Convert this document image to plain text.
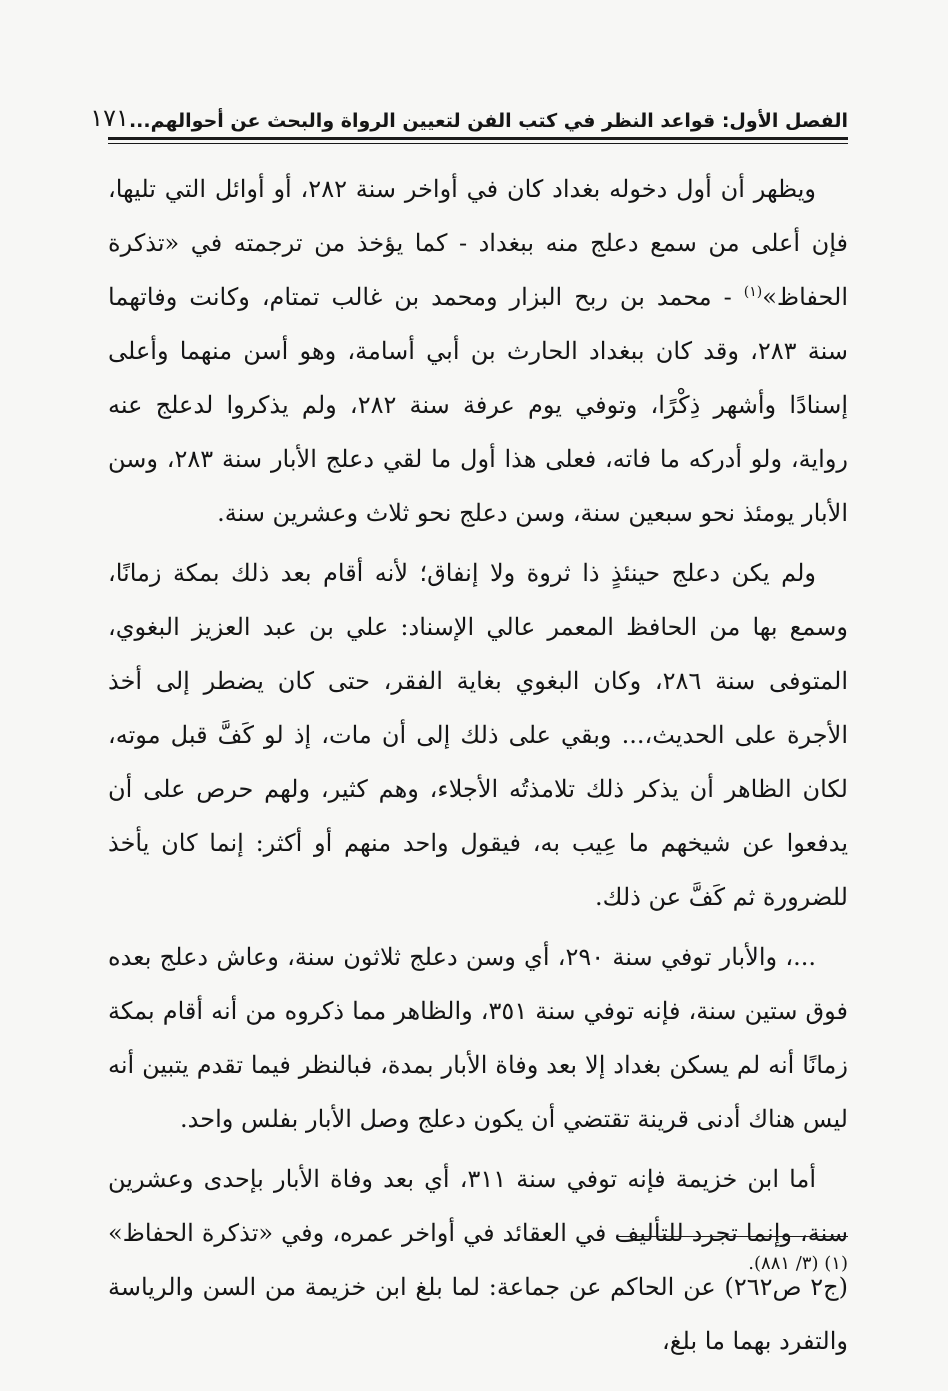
الفصل الأول: قواعد النظر في كتب الفن لتعيين الرواة والبحث عن أحوالهم...
١٧١

ويظهر أن أول دخوله بغداد كان في أواخر سنة ٢٨٢، أو أوائل التي تليها، فإن أعلى من سمع دعلج منه ببغداد - كما يؤخذ من ترجمته في «تذكرة الحفاظ»$^{(١)}$ - محمد بن ربح البزار ومحمد بن غالب تمتام، وكانت وفاتهما سنة ٢٨٣، وقد كان ببغداد الحارث بن أبي أسامة، وهو أسن منهما وأعلى إسنادًا وأشهر ذِكْرًا، وتوفي يوم عرفة سنة ٢٨٢، ولم يذكروا لدعلج عنه رواية، ولو أدركه ما فاته، فعلى هذا أول ما لقي دعلج الأبار سنة ٢٨٣، وسن الأبار يومئذ نحو سبعين سنة، وسن دعلج نحو ثلاث وعشرين سنة.

ولم يكن دعلج حينئذٍ ذا ثروة ولا إنفاق؛ لأنه أقام بعد ذلك بمكة زمانًا، وسمع بها من الحافظ المعمر عالي الإسناد: علي بن عبد العزيز البغوي، المتوفى سنة ٢٨٦، وكان البغوي بغاية الفقر، حتى كان يضطر إلى أخذ الأجرة على الحديث،... وبقي على ذلك إلى أن مات، إذ لو كَفَّ قبل موته، لكان الظاهر أن يذكر ذلك تلامذتُه الأجلاء، وهم كثير، ولهم حرص على أن يدفعوا عن شيخهم ما عِيب به، فيقول واحد منهم أو أكثر: إنما كان يأخذ للضرورة ثم كَفَّ عن ذلك.

...، والأبار توفي سنة ٢٩٠، أي وسن دعلج ثلاثون سنة، وعاش دعلج بعده فوق ستين سنة، فإنه توفي سنة ٣٥١، والظاهر مما ذكروه من أنه أقام بمكة زمانًا أنه لم يسكن بغداد إلا بعد وفاة الأبار بمدة، فبالنظر فيما تقدم يتبين أنه ليس هناك أدنى قرينة تقتضي أن يكون دعلج وصل الأبار بفلس واحد.

أما ابن خزيمة فإنه توفي سنة ٣١١، أي بعد وفاة الأبار بإحدى وعشرين سنة، وإنما تجرد للتأليف في العقائد في أواخر عمره، وفي «تذكرة الحفاظ» (ج٢ ص٢٦٢) عن الحاكم عن جماعة: لما بلغ ابن خزيمة من السن والرياسة والتفرد بهما ما بلغ،

(١) (٣/ ٨٨١).
